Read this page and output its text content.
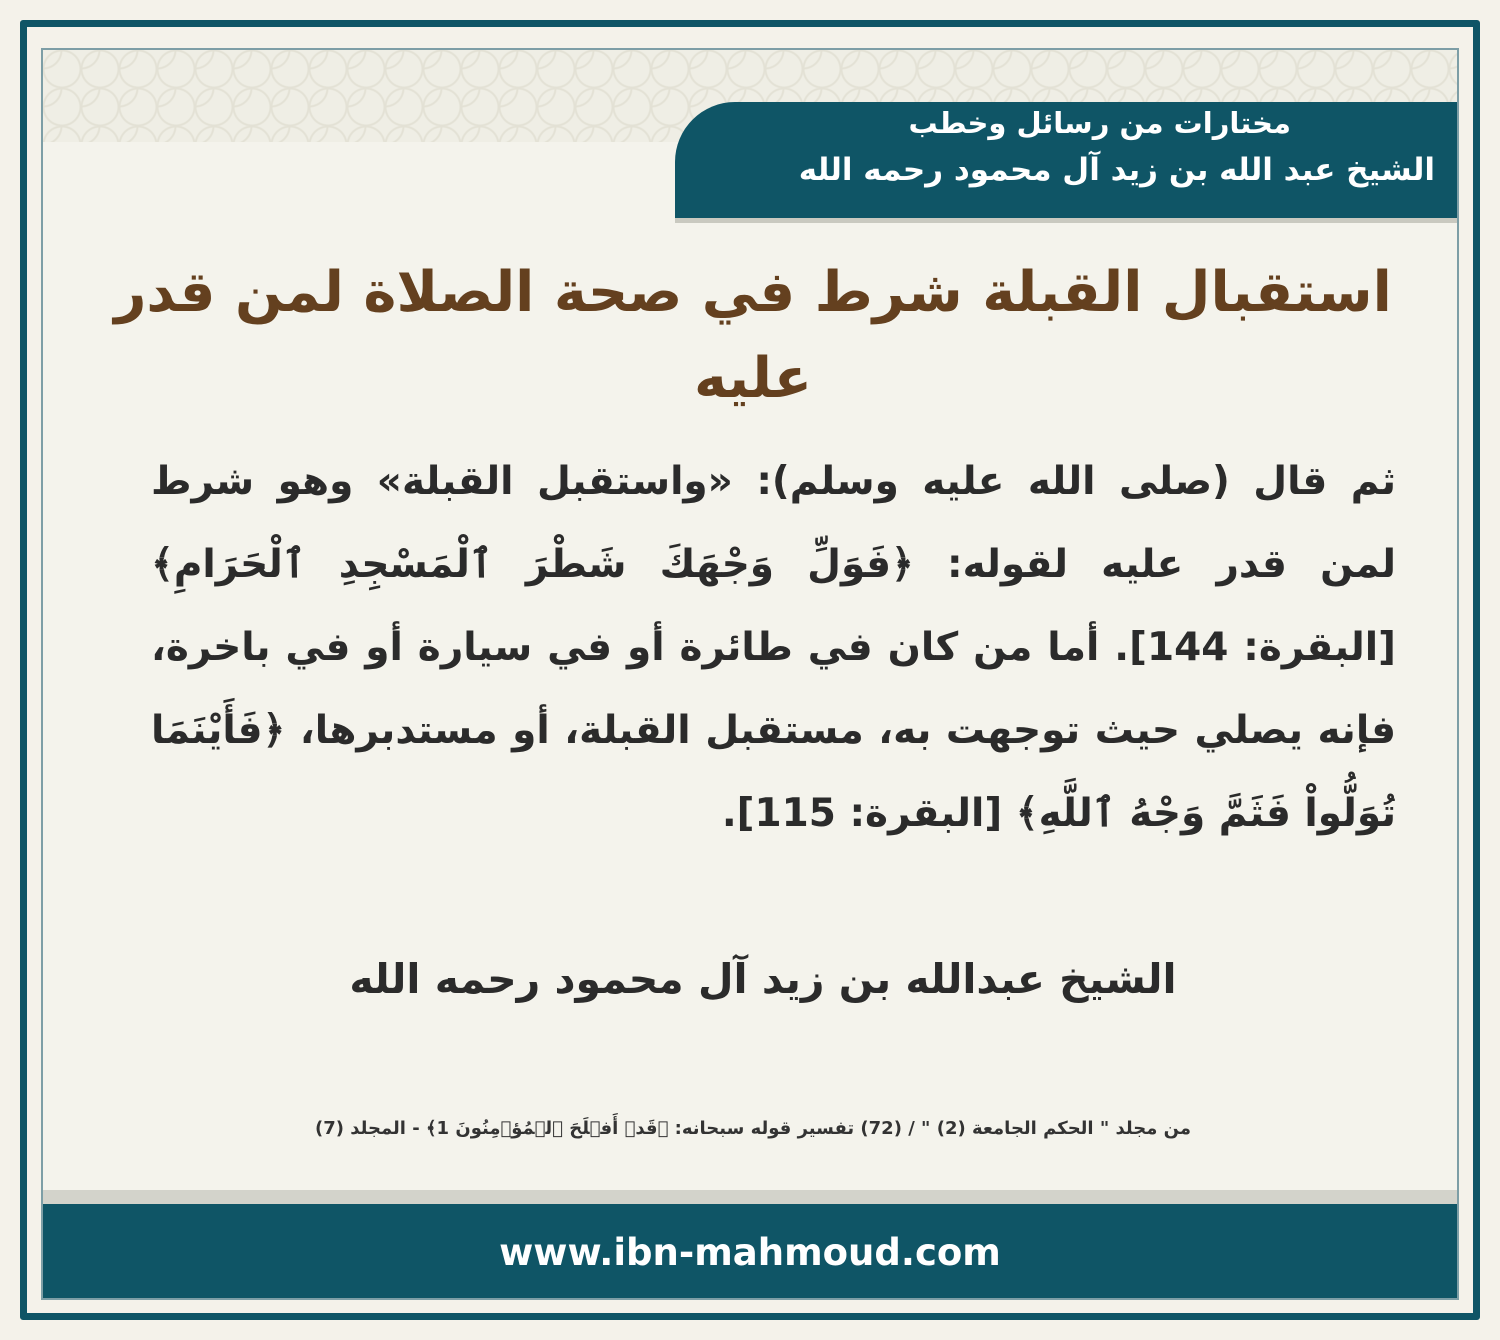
مختارات من رسائل وخطب

الشيخ عبد الله بن زيد آل محمود رحمه الله

استقبال القبلة شرط في صحة الصلاة لمن قدر عليه

ثم قال (صلى الله عليه وسلم): «واستقبل القبلة» وهو شرط لمن قدر عليه لقوله: ﴿فَوَلِّ وَجْهَكَ شَطْرَ ٱلْمَسْجِدِ ٱلْحَرَامِ﴾ [البقرة: 144]. أما من كان في طائرة أو في سيارة أو في باخرة، فإنه يصلي حيث توجهت به، مستقبل القبلة، أو مستدبرها، ﴿فَأَيْنَمَا تُوَلُّواْ فَثَمَّ وَجْهُ ٱللَّهِ﴾ [البقرة: 115].

الشيخ عبدالله بن زيد آل محمود رحمه الله

من مجلد " الحكم الجامعة (2) " / (72) تفسير قوله سبحانه: ﴿قَدۡ أَفۡلَحَ ٱلۡمُؤۡمِنُونَ 1﴾ - المجلد (7)

www.ibn-mahmoud.com
